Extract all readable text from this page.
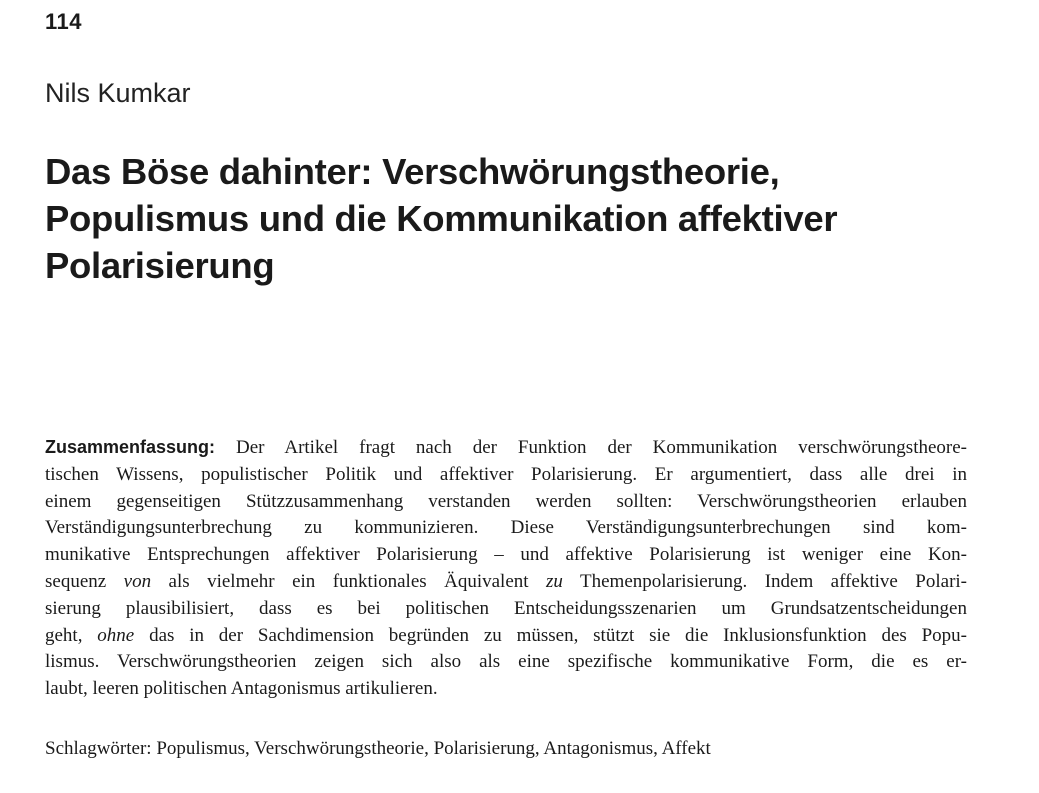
114
Nils Kumkar
Das Böse dahinter: Verschwörungstheorie,
Populismus und die Kommunikation affektiver
Polarisierung
Zusammenfassung: Der Artikel fragt nach der Funktion der Kommunikation verschwörungstheore-
tischen Wissens, populistischer Politik und affektiver Polarisierung. Er argumentiert, dass alle drei in
einem gegenseitigen Stützzusammenhang verstanden werden sollten: Verschwörungstheorien erlauben
Verständigungsunterbrechung zu kommunizieren. Diese Verständigungsunterbrechungen sind kom-
munikative Entsprechungen affektiver Polarisierung – und affektive Polarisierung ist weniger eine Kon-
sequenz von als vielmehr ein funktionales Äquivalent zu Themenpolarisierung. Indem affektive Polari-
sierung plausibilisiert, dass es bei politischen Entscheidungsszenarien um Grundsatzentscheidungen
geht, ohne das in der Sachdimension begründen zu müssen, stützt sie die Inklusionsfunktion des Popu-
lismus. Verschwörungstheorien zeigen sich also als eine spezifische kommunikative Form, die es er-
laubt, leeren politischen Antagonismus artikulieren.
Schlagwörter: Populismus, Verschwörungstheorie, Polarisierung, Antagonismus, Affekt
